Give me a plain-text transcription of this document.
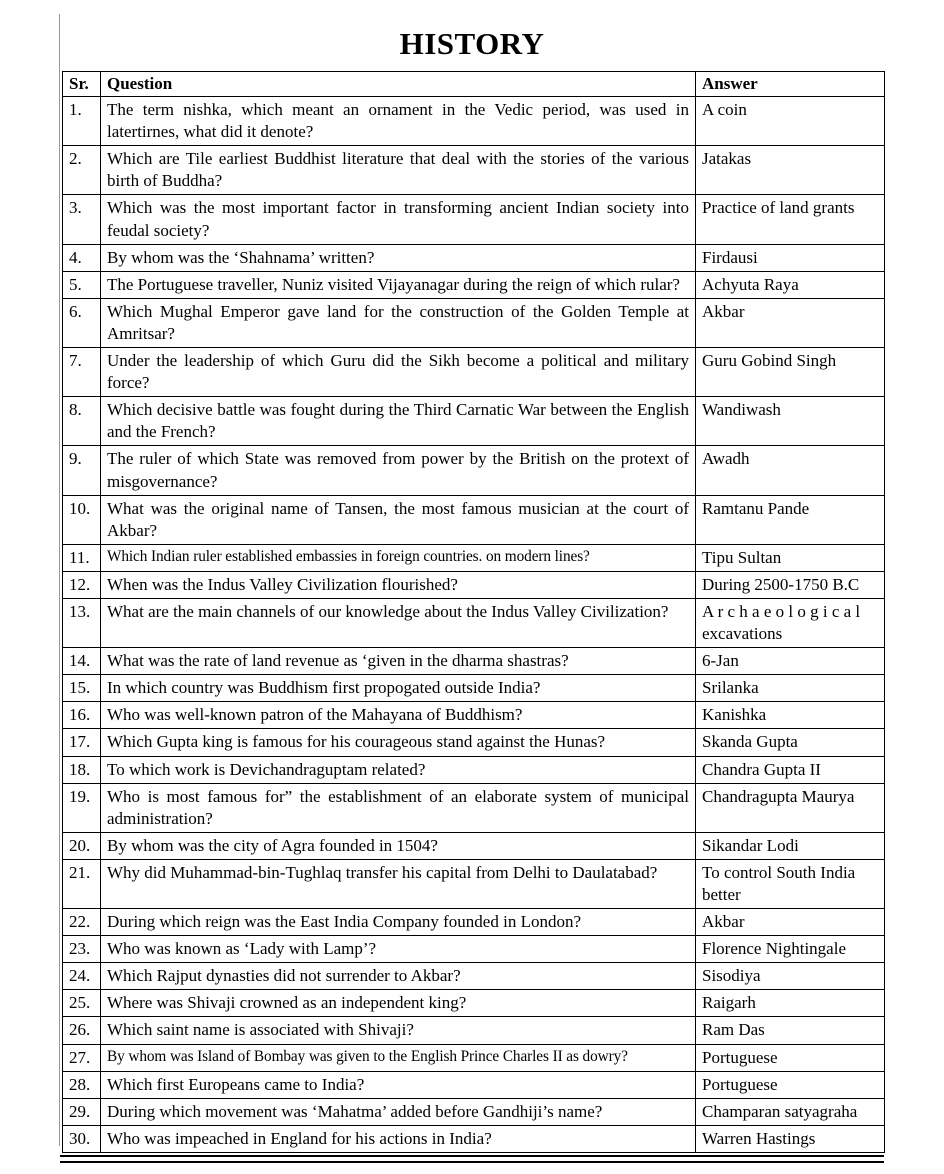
HISTORY
Sr.	Question	Answer
1.	The term nishka, which meant an ornament in the Vedic period, was used in latertirnes, what did it denote?	A coin
2.	Which are Tile earliest Buddhist literature that deal with the stories of the various birth of Buddha?	Jatakas
3.	Which was the most important factor in transforming ancient Indian society into feudal society?	Practice of land grants
4.	By whom was the ‘Shahnama’ written?	Firdausi
5.	The Portuguese traveller, Nuniz visited Vijayanagar during the reign of which rular?	Achyuta Raya
6.	Which Mughal Emperor gave land for the construction of the Golden Temple at Amritsar?	Akbar
7.	Under the leadership of which Guru did the Sikh become a political and military force?	Guru Gobind Singh
8.	Which decisive battle was fought during the Third Carnatic War between the English and the French?	Wandiwash
9.	The ruler of which State was removed from power by the British on the protext of misgovernance?	Awadh
10.	What was the original name of Tansen, the most famous musician at the court of Akbar?	Ramtanu Pande
11.	Which Indian ruler established embassies in foreign countries. on modern lines?	Tipu Sultan
12.	When was the Indus Valley Civilization flourished?	During 2500-1750 B.C
13.	What are the main channels of our knowledge about the Indus Valley Civilization?	A r c h a e o l o g i c a l excavations
14.	What was the rate of land revenue as ‘given in the dharma shastras?	6-Jan
15.	In which country was Buddhism first propogated outside India?	Srilanka
16.	Who was well-known patron of the Mahayana of Buddhism?	Kanishka
17.	Which Gupta king is famous for his courageous stand against the Hunas?	Skanda Gupta
18.	To which work is Devichandraguptam related?	Chandra Gupta II
19.	Who is most famous for” the establishment of an elaborate system of municipal administration?	Chandragupta Maurya
20.	By whom was the city of Agra founded in 1504?	Sikandar Lodi
21.	Why did Muhammad-bin-Tughlaq transfer his capital from Delhi to Daulatabad?	To control South India better
22.	During which reign was the East India Company founded in London?	Akbar
23.	Who was known as ‘Lady with Lamp’?	Florence Nightingale
24.	Which Rajput dynasties did not surrender to Akbar?	Sisodiya
25.	Where was Shivaji crowned as an independent king?	Raigarh
26.	Which saint name is associated with Shivaji?	Ram Das
27.	By whom was Island of Bombay was given to the English Prince Charles II as dowry?	Portuguese
28.	Which first Europeans came to India?	Portuguese
29.	During which movement was ‘Mahatma’ added before Gandhiji’s name?	Champaran satyagraha
30.	Who was impeached in England for his actions in India?	Warren Hastings
